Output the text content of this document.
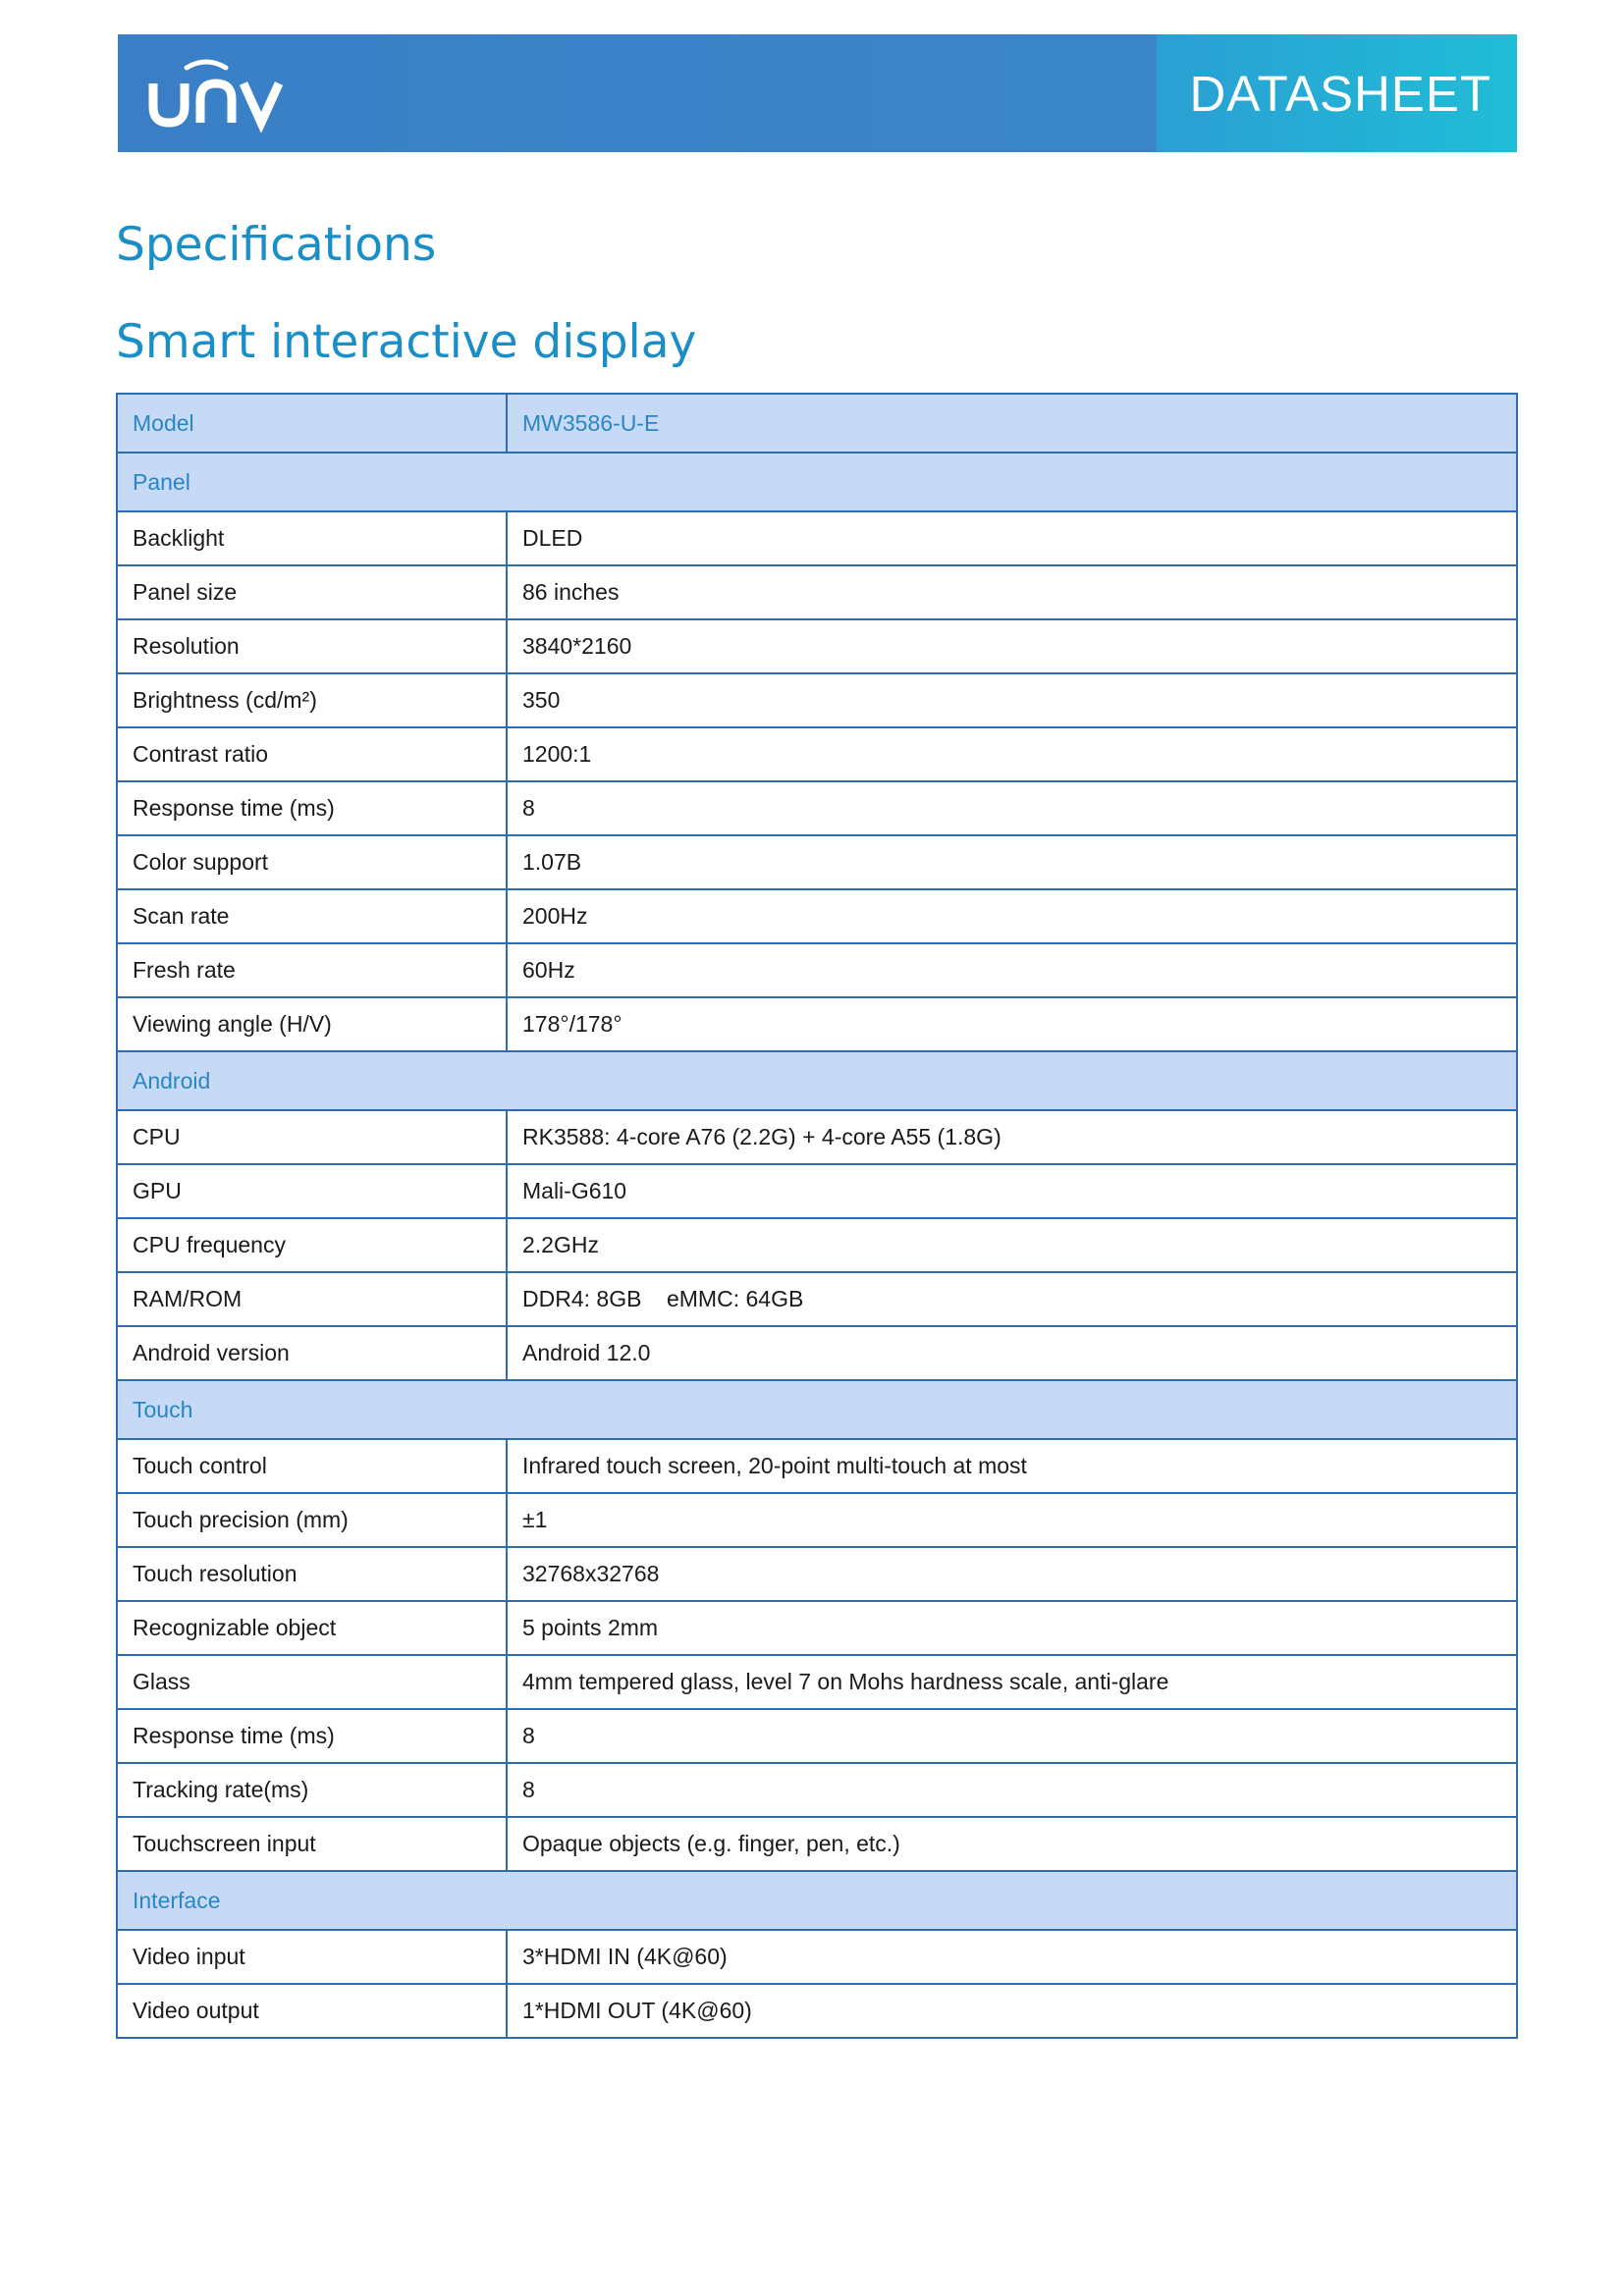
DATASHEET
Specifications
Smart interactive display
Model	MW3586-U-E
Panel	
Backlight	DLED
Panel size	86 inches
Resolution	3840*2160
Brightness (cd/m²)	350
Contrast ratio	1200:1
Response time (ms)	8
Color support	1.07B
Scan rate	200Hz
Fresh rate	60Hz
Viewing angle (H/V)	178°/178°
Android	
CPU	RK3588: 4-core A76 (2.2G) + 4-core A55 (1.8G)
GPU	Mali-G610
CPU frequency	2.2GHz
RAM/ROM	DDR4: 8GB    eMMC: 64GB
Android version	Android 12.0
Touch	
Touch control	Infrared touch screen, 20-point multi-touch at most
Touch precision (mm)	±1
Touch resolution	32768x32768
Recognizable object	5 points 2mm
Glass	4mm tempered glass, level 7 on Mohs hardness scale, anti-glare
Response time (ms)	8
Tracking rate(ms)	8
Touchscreen input	Opaque objects (e.g. finger, pen, etc.)
Interface	
Video input	3*HDMI IN (4K@60)
Video output	1*HDMI OUT (4K@60)
